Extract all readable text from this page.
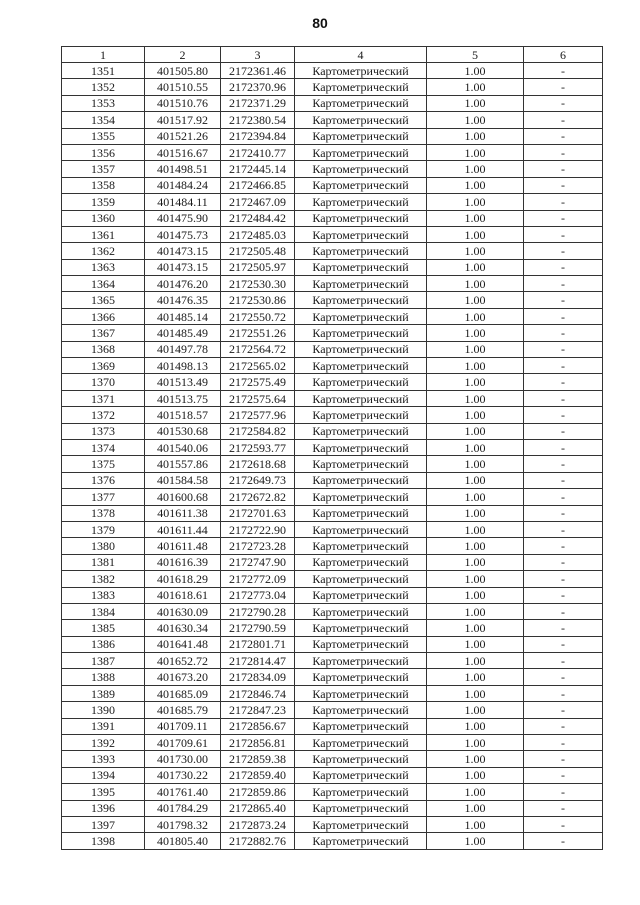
80
1	2	3	4	5	6
1351	401505.80	2172361.46	Картометрический	1.00	-
1352	401510.55	2172370.96	Картометрический	1.00	-
1353	401510.76	2172371.29	Картометрический	1.00	-
1354	401517.92	2172380.54	Картометрический	1.00	-
1355	401521.26	2172394.84	Картометрический	1.00	-
1356	401516.67	2172410.77	Картометрический	1.00	-
1357	401498.51	2172445.14	Картометрический	1.00	-
1358	401484.24	2172466.85	Картометрический	1.00	-
1359	401484.11	2172467.09	Картометрический	1.00	-
1360	401475.90	2172484.42	Картометрический	1.00	-
1361	401475.73	2172485.03	Картометрический	1.00	-
1362	401473.15	2172505.48	Картометрический	1.00	-
1363	401473.15	2172505.97	Картометрический	1.00	-
1364	401476.20	2172530.30	Картометрический	1.00	-
1365	401476.35	2172530.86	Картометрический	1.00	-
1366	401485.14	2172550.72	Картометрический	1.00	-
1367	401485.49	2172551.26	Картометрический	1.00	-
1368	401497.78	2172564.72	Картометрический	1.00	-
1369	401498.13	2172565.02	Картометрический	1.00	-
1370	401513.49	2172575.49	Картометрический	1.00	-
1371	401513.75	2172575.64	Картометрический	1.00	-
1372	401518.57	2172577.96	Картометрический	1.00	-
1373	401530.68	2172584.82	Картометрический	1.00	-
1374	401540.06	2172593.77	Картометрический	1.00	-
1375	401557.86	2172618.68	Картометрический	1.00	-
1376	401584.58	2172649.73	Картометрический	1.00	-
1377	401600.68	2172672.82	Картометрический	1.00	-
1378	401611.38	2172701.63	Картометрический	1.00	-
1379	401611.44	2172722.90	Картометрический	1.00	-
1380	401611.48	2172723.28	Картометрический	1.00	-
1381	401616.39	2172747.90	Картометрический	1.00	-
1382	401618.29	2172772.09	Картометрический	1.00	-
1383	401618.61	2172773.04	Картометрический	1.00	-
1384	401630.09	2172790.28	Картометрический	1.00	-
1385	401630.34	2172790.59	Картометрический	1.00	-
1386	401641.48	2172801.71	Картометрический	1.00	-
1387	401652.72	2172814.47	Картометрический	1.00	-
1388	401673.20	2172834.09	Картометрический	1.00	-
1389	401685.09	2172846.74	Картометрический	1.00	-
1390	401685.79	2172847.23	Картометрический	1.00	-
1391	401709.11	2172856.67	Картометрический	1.00	-
1392	401709.61	2172856.81	Картометрический	1.00	-
1393	401730.00	2172859.38	Картометрический	1.00	-
1394	401730.22	2172859.40	Картометрический	1.00	-
1395	401761.40	2172859.86	Картометрический	1.00	-
1396	401784.29	2172865.40	Картометрический	1.00	-
1397	401798.32	2172873.24	Картометрический	1.00	-
1398	401805.40	2172882.76	Картометрический	1.00	-
